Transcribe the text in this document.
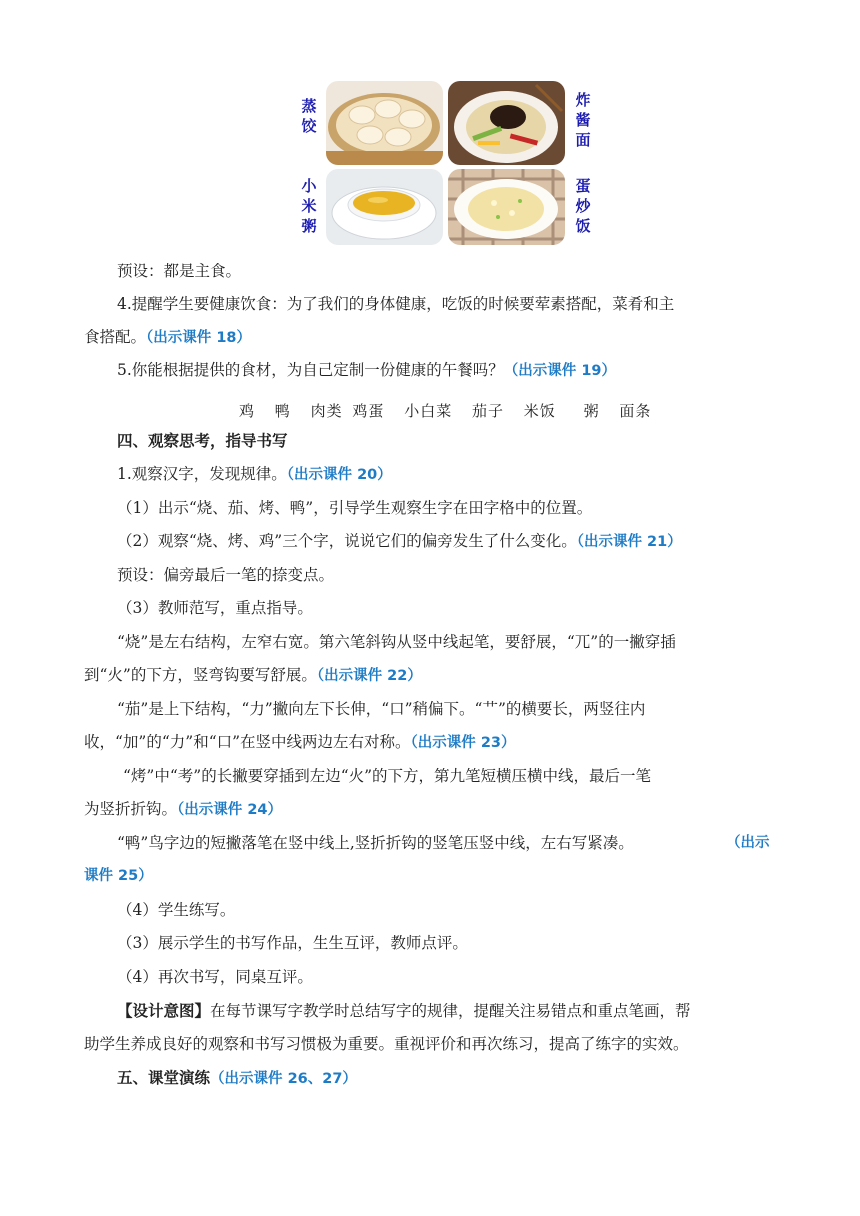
蒸
饺
炸
酱
面
小
米
粥
蛋
炒
饭
预设：都是主食。
4.提醒学生要健康饮食：为了我们的身体健康，吃饭的时候要荤素搭配，菜肴和主
食搭配。（出示课件 18）
5.你能根据提供的食材，为自己定制一份健康的午餐吗？（出示课件 19）
鸡 鸭 肉类 鸡蛋 小白菜 茄子 米饭 粥 面条
四、观察思考，指导书写
1.观察汉字，发现规律。（出示课件 20）
（1）出示“烧、茄、烤、鸭”，引导学生观察生字在田字格中的位置。
（2）观察“烧、烤、鸡”三个字，说说它们的偏旁发生了什么变化。（出示课件 21）
预设：偏旁最后一笔的捺变点。
（3）教师范写，重点指导。
“烧”是左右结构，左窄右宽。第六笔斜钩从竖中线起笔，要舒展，“兀”的一撇穿插
到“火”的下方，竖弯钩要写舒展。（出示课件 22）
“茄”是上下结构，“力”撇向左下长伸，“口”稍偏下。“艹”的横要长，两竖往内
收，“加”的“力”和“口”在竖中线两边左右对称。（出示课件 23）
“烤”中“考”的长撇要穿插到左边“火”的下方，第九笔短横压横中线，最后一笔
为竖折折钩。（出示课件 24）
“鸭”鸟字边的短撇落笔在竖中线上,竖折折钩的竖笔压竖中线，左右写紧凑。	（出示
课件 25）
（4）学生练写。
（3）展示学生的书写作品，生生互评，教师点评。
（4）再次书写，同桌互评。
【设计意图】在每节课写字教学时总结写字的规律，提醒关注易错点和重点笔画，帮
助学生养成良好的观察和书写习惯极为重要。重视评价和再次练习，提高了练字的实效。
五、课堂演练（出示课件 26、27）
